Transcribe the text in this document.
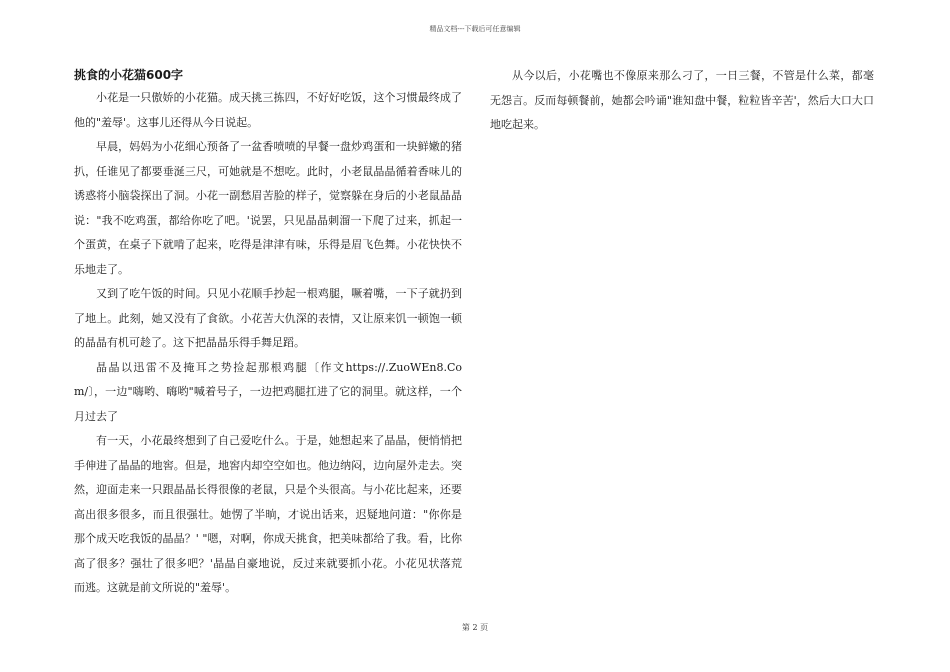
精品文档---下载后可任意编辑
挑食的小花猫600字

小花是一只傲娇的小花猫。成天挑三拣四，不好好吃饭，这个习惯最终成了他的"羞辱'。这事儿还得从今日说起。

早晨，妈妈为小花细心预备了一盆香喷喷的早餐一盘炒鸡蛋和一块鲜嫩的猪扒，任谁见了都要垂涎三尺，可她就是不想吃。此时，小老鼠晶晶循着香味儿的诱惑将小脑袋探出了洞。小花一副愁眉苦脸的样子，觉察躲在身后的小老鼠晶晶说："我不吃鸡蛋，都给你吃了吧。'说罢，只见晶晶刺溜一下爬了过来，抓起一个蛋黄，在桌子下就啃了起来，吃得是津津有味，乐得是眉飞色舞。小花快快不乐地走了。

又到了吃午饭的时间。只见小花顺手抄起一根鸡腿，噘着嘴，一下子就扔到了地上。此刻，她又没有了食欲。小花苦大仇深的表情，又让原来饥一顿饱一顿的晶晶有机可趁了。这下把晶晶乐得手舞足蹈。

晶晶以迅雷不及掩耳之势捡起那根鸡腿〔作文https://.ZuoWEn8.Com/〕，一边"嗨哟、嗨哟"喊着号子，一边把鸡腿扛进了它的洞里。就这样，一个月过去了

有一天，小花最终想到了自己爱吃什么。于是，她想起来了晶晶，便悄悄把手伸进了晶晶的地窖。但是，地窖内却空空如也。他边纳闷，边向屋外走去。突然，迎面走来一只跟晶晶长得很像的老鼠，只是个头很高。与小花比起来，还要高出很多很多，而且很强壮。她愣了半晌，才说出话来，迟疑地问道："你你是那个成天吃我饭的晶晶？' "嗯，对啊，你成天挑食，把美味都给了我。看，比你高了很多？强壮了很多吧？'晶晶自豪地说，反过来就要抓小花。小花见状落荒而逃。这就是前文所说的"羞辱'。

从今以后，小花嘴也不像原来那么刁了，一日三餐，不管是什么菜，都毫无怨言。反而每顿餐前，她都会吟诵"谁知盘中餐，粒粒皆辛苦'，然后大口大口地吃起来。

第 2 页
